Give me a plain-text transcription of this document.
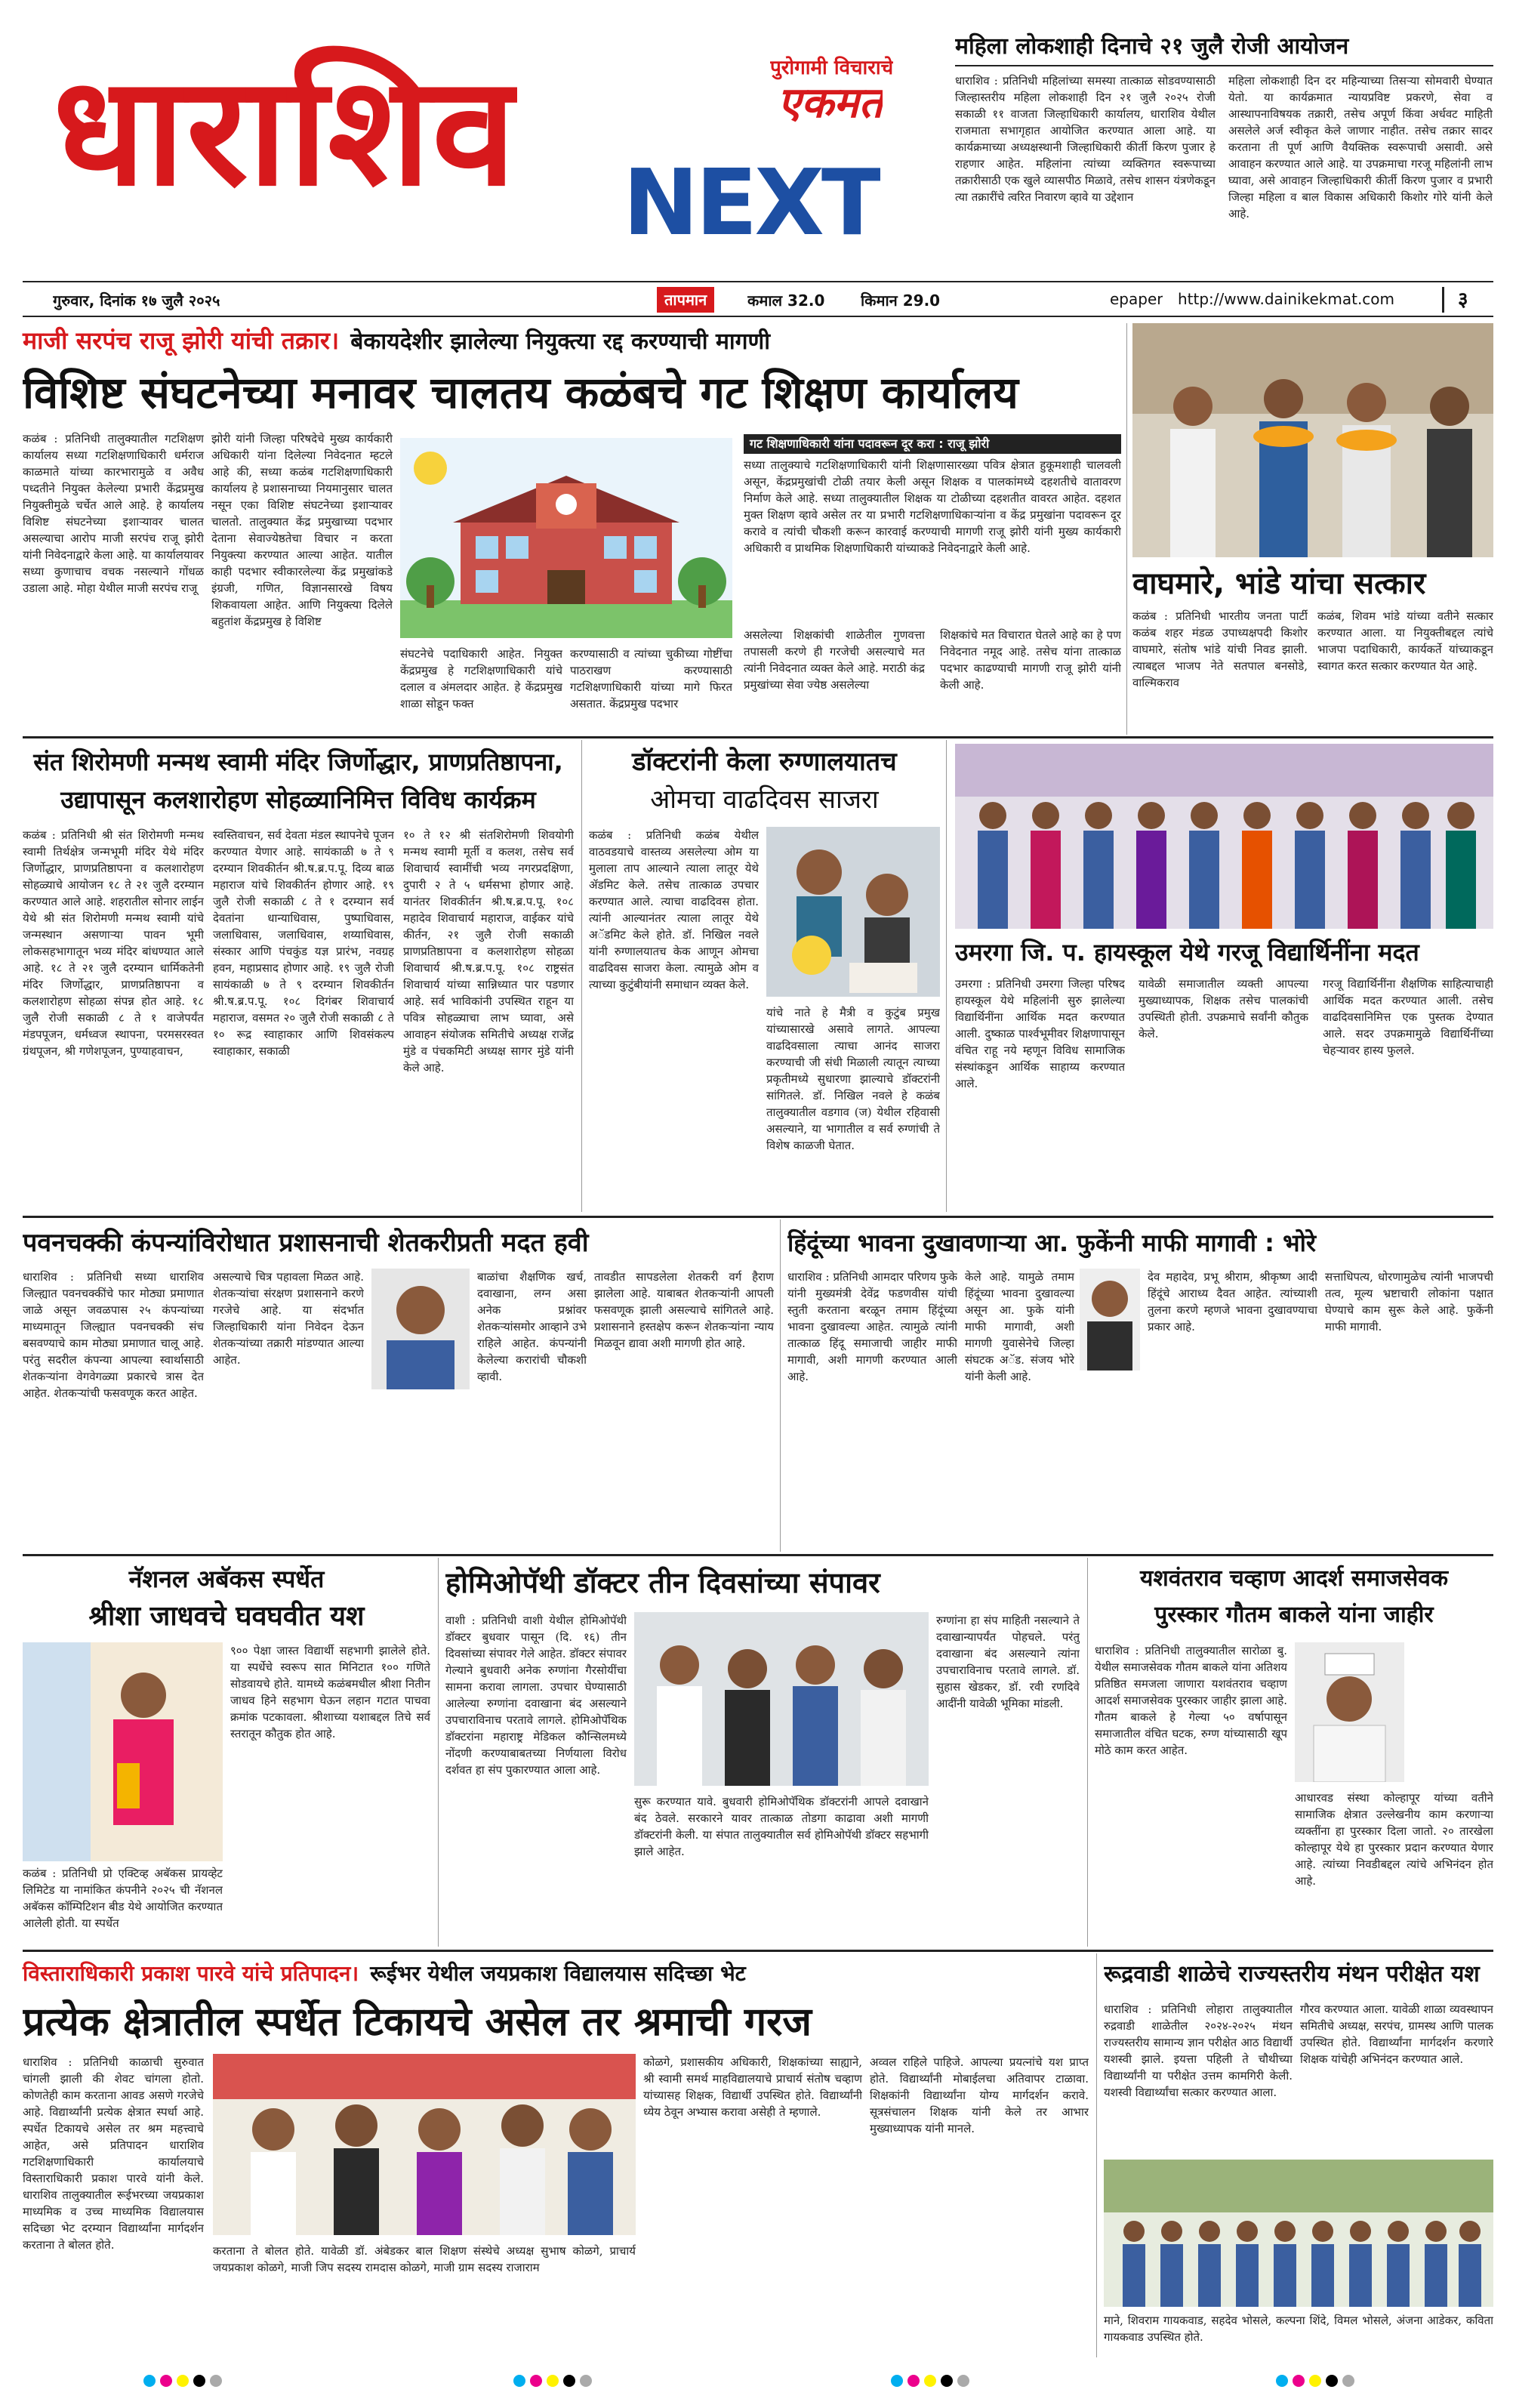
धाराशिव	पुरोगामी विचाराचे
एकमत
NEXT
गुरुवार, दिनांक १७ जुलै २०२५	तापमान	कमाल 32.0 किमान 29.0	epaper http://www.dainikekmat.com	३
महिला लोकशाही दिनाचे २१ जुलै रोजी आयोजन
धाराशिव : प्रतिनिधी महिलांच्या समस्या तात्काळ सोडवण्यासाठी जिल्हास्तरीय महिला लोकशाही दिन २१ जुलै २०२५ रोजी सकाळी ११ वाजता जिल्हाधिकारी कार्यालय, धाराशिव येथील राजमाता सभागृहात आयोजित करण्यात आला आहे. या कार्यक्रमाच्या अध्यक्षस्थानी जिल्हाधिकारी कीर्ती किरण पुजार हे राहणार आहेत. महिलांना त्यांच्या व्यक्तिगत स्वरूपाच्या तक्रारीसाठी एक खुले व्यासपीठ मिळावे, तसेच शासन यंत्रणेकडून त्या तक्रारींचे त्वरित निवारण व्हावे या उद्देशान
महिला लोकशाही दिन दर महिन्याच्या तिसऱ्या सोमवारी घेण्यात येतो. या कार्यक्रमात न्यायप्रविष्ट प्रकरणे, सेवा व आस्थापनाविषयक तक्रारी, तसेच अपूर्ण किंवा अर्धवट माहिती असलेले अर्ज स्वीकृत केले जाणार नाहीत. तसेच तक्रार सादर करताना ती पूर्ण आणि वैयक्तिक स्वरूपाची असावी. असे आवाहन करण्यात आले आहे. या उपक्रमाचा गरजू महिलांनी लाभ घ्यावा, असे आवाहन जिल्हाधिकारी कीर्ती किरण पुजार व प्रभारी जिल्हा महिला व बाल विकास अधिकारी किशोर गोरे यांनी केले आहे.
माजी सरपंच राजू झोरी यांची तक्रार। बेकायदेशीर झालेल्या नियुक्त्या रद्द करण्याची मागणी
विशिष्ट संघटनेच्या मनावर चालतय कळंबचे गट शिक्षण कार्यालय
कळंब : प्रतिनिधी तालुक्यातील गटशिक्षण कार्यालय सध्या गटशिक्षणाधिकारी धर्मराज काळमाते यांच्या कारभारामुळे व अवैध पध्दतीने नियुक्त केलेल्या प्रभारी केंद्रप्रमुख नियुक्तीमुळे चर्चेत आले आहे. हे कार्यालय विशिष्ट संघटनेच्या इशाऱ्यावर चालत असल्याचा आरोप माजी सरपंच राजू झोरी यांनी निवेदनाद्वारे केला आहे. या कार्यालयावर सध्या कुणाचाच वचक नसल्याने गोंधळ उडाला आहे. मोहा येथील माजी सरपंच राजू
झोरी यांनी जिल्हा परिषदेचे मुख्य कार्यकारी अधिकारी यांना दिलेल्या निवेदनात म्हटले आहे की, सध्या कळंब गटशिक्षणाधिकारी कार्यालय हे प्रशासनाच्या नियमानुसार चालत नसून एका विशिष्ट संघटनेच्या इशाऱ्यावर चालतो. तालुक्यात केंद्र प्रमुखाच्या पदभार देताना सेवाज्येष्ठतेचा विचार न करता नियुक्त्या करण्यात आल्या आहेत. यातील काही पदभार स्वीकारलेल्या केंद्र प्रमुखांकडे इंग्रजी, गणित, विज्ञानसारखे विषय शिकवायला आहेत. आणि नियुक्त्या दिलेले बहुतांश केंद्रप्रमुख हे विशिष्ट
संघटनेचे पदाधिकारी आहेत. नियुक्त केंद्रप्रमुख हे गटशिक्षणाधिकारी यांचे दलाल व अंमलदार आहेत. हे केंद्रप्रमुख शाळा सोडून फक्त
करण्यासाठी व त्यांच्या चुकीच्या गोष्टींचा पाठराखण करण्यासाठी गटशिक्षणाधिकारी यांच्या मागे फिरत असतात. केंद्रप्रमुख पदभार
गट शिक्षणाधिकारी यांना पदावरून दूर करा : राजू झोरी
सध्या तालुक्याचे गटशिक्षणाधिकारी यांनी शिक्षणासारख्या पवित्र क्षेत्रात हुकूमशाही चालवली असून, केंद्रप्रमुखांची टोळी तयार केली असून शिक्षक व पालकांमध्ये दहशतीचे वातावरण निर्माण केले आहे. सध्या तालुक्यातील शिक्षक या टोळीच्या दहशतीत वावरत आहेत. दहशत मुक्त शिक्षण व्हावे असेल तर या प्रभारी गटशिक्षणाधिकाऱ्यांना व केंद्र प्रमुखांना पदावरून दूर करावे व त्यांची चौकशी करून कारवाई करण्याची मागणी राजू झोरी यांनी मुख्य कार्यकारी अधिकारी व प्राथमिक शिक्षणाधिकारी यांच्याकडे निवेदनाद्वारे केली आहे.
असलेल्या शिक्षकांची शाळेतील गुणवत्ता तपासली करणे ही गरजेची असल्याचे मत त्यांनी निवेदनात व्यक्त केले आहे. मराठी कंद्र प्रमुखांच्या सेवा ज्येष्ठ असलेल्या
शिक्षकांचे मत विचारात घेतले आहे का हे पण निवेदनात नमूद आहे. तसेच यांना तात्काळ पदभार काढण्याची मागणी राजू झोरी यांनी केली आहे.
वाघमारे, भांडे यांचा सत्कार
कळंब : प्रतिनिधी भारतीय जनता पार्टी कळंब शहर मंडळ उपाध्यक्षपदी किशोर वाघमारे, संतोष भांडे यांची निवड झाली. त्याबद्दल भाजप नेते सतपाल बनसोडे, वाल्मिकराव
कळंब, शिवम भांडे यांच्या वतीने सत्कार करण्यात आला. या नियुक्तीबद्दल त्यांचे भाजपा पदाधिकारी, कार्यकर्ते यांच्याकडून स्वागत करत सत्कार करण्यात येत आहे.
संत शिरोमणी मन्मथ स्वामी मंदिर जिर्णोद्धार, प्राणप्रतिष्ठापना,
उद्यापासून कलशारोहण सोहळ्यानिमित्त विविध कार्यक्रम
कळंब : प्रतिनिधी श्री संत शिरोमणी मन्मथ स्वामी तिर्थक्षेत्र जन्मभूमी मंदिर येथे मंदिर जिर्णोद्धार, प्राणप्रतिष्ठापना व कलशारोहण सोहळ्याचे आयोजन १८ ते २१ जुलै दरम्यान करण्यात आले आहे. शहरातील सोनार लाईन येथे श्री संत शिरोमणी मन्मथ स्वामी यांचे जन्मस्थान असणाऱ्या पावन भूमी लोकसहभागातून भव्य मंदिर बांधण्यात आले आहे. १८ ते २१ जुलै दरम्यान धार्मिकतेनी मंदिर जिर्णोद्धार, प्राणप्रतिष्ठापना व कलशारोहण सोहळा संपन्न होत आहे. १८ जुलै रोजी सकाळी ८ ते १ वाजेपर्यंत मंडपपूजन, धर्मध्वज स्थापना, परमसरस्वत ग्रंथपूजन, श्री गणेशपूजन, पुण्याहवाचन,
स्वस्तिवाचन, सर्व देवता मंडल स्थापनेचे पूजन करण्यात येणार आहे. सायंकाळी ७ ते ९ दरम्यान शिवकीर्तन श्री.ष.ब्र.प.पू. दिव्य बाळ महाराज यांचे शिवकीर्तन होणार आहे. १९ जुलै रोजी सकाळी ८ ते १ दरम्यान सर्व देवतांना धान्याधिवास, पुष्पाधिवास, जलाधिवास, जलाधिवास, शय्याधिवास, संस्कार आणि पंचकुंड यज्ञ प्रारंभ, नवग्रह हवन, महाप्रसाद होणार आहे. १९ जुलै रोजी सायंकाळी ७ ते ९ दरम्यान शिवकीर्तन श्री.ष.ब्र.प.पू. १०८ दिगंबर शिवाचार्य महाराज, वसमत २० जुलै रोजी सकाळी ८ ते १० रूद्र स्वाहाकार आणि शिवसंकल्प स्वाहाकार, सकाळी
१० ते १२ श्री संतशिरोमणी शिवयोगी मन्मथ स्वामी मूर्ती व कलश, तसेच सर्व शिवाचार्य स्वामींची भव्य नगरप्रदक्षिणा, दुपारी २ ते ५ धर्मसभा होणार आहे. यानंतर शिवकीर्तन श्री.ष.ब्र.प.पू. १०८ महादेव शिवाचार्य महाराज, वाईकर यांचे कीर्तन, २१ जुलै रोजी सकाळी प्राणप्रतिष्ठापना व कलशारोहण सोहळा शिवाचार्य श्री.ष.ब्र.प.पू. १०८ राष्ट्रसंत शिवाचार्य यांच्या सान्निध्यात पार पडणार आहे. सर्व भाविकांनी उपस्थित राहून या पवित्र सोहळ्याचा लाभ घ्यावा, असे आवाहन संयोजक समितीचे अध्यक्ष राजेंद्र मुंडे व पंचकमिटी अध्यक्ष सागर मुंडे यांनी केले आहे.
डॉक्टरांनी केला रुग्णालयातच
ओमचा वाढदिवस साजरा
कळंब : प्रतिनिधी कळंब येथील वाठवडयाचे वास्तव्य असलेल्या ओम या मुलाला ताप आल्याने त्याला लातूर येथे ॲडमिट केले. तसेच तात्काळ उपचार करण्यात आले. त्याचा वाढदिवस होता. त्यांनी आल्यानंतर त्याला लातूर येथे अॅडमिट केले होते. डॉ. निखिल नवले यांनी रुग्णालयातच केक आणून ओमचा वाढदिवस साजरा केला. त्यामुळे ओम व त्याच्या कुटुंबीयांनी समाधान व्यक्त केले.
यांचे नाते हे मैत्री व कुटुंब प्रमुख यांच्यासारखे असावे लागते. आपल्या वाढदिवसाला त्याचा आनंद साजरा करण्याची जी संधी मिळाली त्यातून त्याच्या प्रकृतीमध्ये सुधारणा झाल्याचे डॉक्टरांनी सांगितले. डॉ. निखिल नवले हे कळंब तालुक्यातील वडगाव (ज) येथील रहिवासी असल्याने, या भागातील व सर्व रुग्णांची ते विशेष काळजी घेतात.
उमरगा जि. प. हायस्कूल येथे गरजू विद्यार्थिनींना मदत
उमरगा : प्रतिनिधी उमरगा जिल्हा परिषद हायस्कूल येथे महिलांनी सुरु झालेल्या विद्यार्थिनींना आर्थिक मदत करण्यात आली. दुष्काळ पार्श्वभूमीवर शिक्षणापासून वंचित राहू नये म्हणून विविध सामाजिक संस्थांकडून आर्थिक साहाय्य करण्यात आले.
यावेळी समाजातील व्यक्ती आपल्या मुख्याध्यापक, शिक्षक तसेच पालकांची उपस्थिती होती. उपक्रमाचे सर्वांनी कौतुक केले.
गरजू विद्यार्थिनींना शैक्षणिक साहित्याचाही आर्थिक मदत करण्यात आली. तसेच वाढदिवसानिमित्त एक पुस्तक देण्यात आले. सदर उपक्रमामुळे विद्यार्थिनींच्या चेहऱ्यावर हास्य फुलले.
पवनचक्की कंपन्यांविरोधात प्रशासनाची शेतकरीप्रती मदत हवी
धाराशिव : प्रतिनिधी सध्या धाराशिव जिल्ह्यात पवनचक्कींचे फार मोठ्या प्रमाणात जाळे असून जवळपास २५ कंपन्यांच्या माध्यमातून जिल्ह्यात पवनचक्की संच बसवण्याचे काम मोठ्या प्रमाणात चालू आहे. परंतु सदरील कंपन्या आपल्या स्वार्थासाठी शेतकऱ्यांना वेगवेगळ्या प्रकारचे त्रास देत आहेत. शेतकऱ्यांची फसवणूक करत आहेत.
असल्याचे चित्र पहावला मिळत आहे. शेतकऱ्यांचा संरक्षण प्रशासनाने करणे गरजेचे आहे. या संदर्भात जिल्हाधिकारी यांना निवेदन देऊन शेतकऱ्यांच्या तक्रारी मांडण्यात आल्या आहेत.
बाळांचा शैक्षणिक खर्च, दवाखाना, लग्न असा अनेक प्रश्नांवर शेतकऱ्यांसमोर आव्हाने उभे राहिले आहेत. कंपन्यांनी केलेल्या करारांची चौकशी व्हावी.
तावडीत सापडलेला शेतकरी वर्ग हैराण झालेला आहे. याबाबत शेतकऱ्यांनी आपली फसवणूक झाली असल्याचे सांगितले आहे. प्रशासनाने हस्तक्षेप करून शेतकऱ्यांना न्याय मिळवून द्यावा अशी मागणी होत आहे.
हिंदूंच्या भावना दुखावणाऱ्या आ. फुकेंनी माफी मागावी : भोरे
धाराशिव : प्रतिनिधी आमदार परिणय फुके यांनी मुख्यमंत्री देवेंद्र फडणवीस यांची स्तुती करताना बरळून तमाम हिंदूंच्या भावना दुखावल्या आहेत. त्यामुळे त्यांनी तात्काळ हिंदू समाजाची जाहीर माफी मागावी, अशी मागणी करण्यात आली आहे.
केले आहे. यामुळे तमाम हिंदूंच्या भावना दुखावल्या असून आ. फुके यांनी माफी मागावी, अशी मागणी युवासेनेचे जिल्हा संघटक अॅड. संजय भोरे यांनी केली आहे.
देव महादेव, प्रभू श्रीराम, श्रीकृष्ण आदी हिंदूंचे आराध्य दैवत आहेत. त्यांच्याशी तुलना करणे म्हणजे भावना दुखावण्याचा प्रकार आहे.
सत्ताधिपत्य, धोरणामुळेच त्यांनी भाजपची तत्व, मूल्य भ्रष्टाचारी लोकांना पक्षात घेण्याचे काम सुरू केले आहे. फुकेंनी माफी मागावी.
नॅशनल अबॅकस स्पर्धेत
श्रीशा जाधवचे घवघवीत यश
कळंब : प्रतिनिधी प्रो एक्टिव्ह अबॅकस प्रायव्हेट लिमिटेड या नामांकित कंपनीने २०२५ ची नॅशनल अबॅकस कॉम्पिटिशन बीड येथे आयोजित करण्यात आलेली होती. या स्पर्धेत
९०० पेक्षा जास्त विद्यार्थी सहभागी झालेले होते. या स्पर्धेचे स्वरूप सात मिनिटात १०० गणिते सोडवायचे होते. यामध्ये कळंबमधील श्रीशा नितीन जाधव हिने सहभाग घेऊन लहान गटात पाचवा क्रमांक पटकावला. श्रीशाच्या यशाबद्दल तिचे सर्व स्तरातून कौतुक होत आहे.
होमिओपॅथी डॉक्टर तीन दिवसांच्या संपावर
वाशी : प्रतिनिधी वाशी येथील होमिओपॅथी डॉक्टर बुधवार पासून (दि. १६) तीन दिवसांच्या संपावर गेले आहेत. डॉक्टर संपावर गेल्याने बुधवारी अनेक रुग्णांना गैरसोयींचा सामना करावा लागला. उपचार घेण्यासाठी आलेल्या रुग्णांना दवाखाना बंद असल्याने उपचाराविनाच परतावे लागले. होमिओपॅथिक डॉक्टरांना महाराष्ट्र मेडिकल कौन्सिलमध्ये नोंदणी करण्याबाबतच्या निर्णयाला विरोध दर्शवत हा संप पुकारण्यात आला आहे.
सुरू करण्यात यावे. बुधवारी होमिओपॅथिक डॉक्टरांनी आपले दवाखाने बंद ठेवले. सरकारने यावर तात्काळ तोडगा काढावा अशी मागणी डॉक्टरांनी केली. या संपात तालुक्यातील सर्व होमिओपॅथी डॉक्टर सहभागी झाले आहेत.
रुग्णांना हा संप माहिती नसल्याने ते दवाखान्यापर्यंत पोहचले. परंतु दवाखाना बंद असल्याने त्यांना उपचाराविनाच परतावे लागले. डॉ. सुहास खेडकर, डॉ. रवी रणदिवे आदींनी यावेळी भूमिका मांडली.
यशवंतराव चव्हाण आदर्श समाजसेवक
पुरस्कार गौतम बाकले यांना जाहीर
धाराशिव : प्रतिनिधी तालुक्यातील सारोळा बु. येथील समाजसेवक गौतम बाकले यांना अतिशय प्रतिष्ठित समजला जाणारा यशवंतराव चव्हाण आदर्श समाजसेवक पुरस्कार जाहीर झाला आहे. गौतम बाकले हे गेल्या ५० वर्षापासून समाजातील वंचित घटक, रुग्ण यांच्यासाठी खूप मोठे काम करत आहेत.
आधारवड संस्था कोल्हापूर यांच्या वतीने सामाजिक क्षेत्रात उल्लेखनीय काम करणाऱ्या व्यक्तींना हा पुरस्कार दिला जातो. २० तारखेला कोल्हापूर येथे हा पुरस्कार प्रदान करण्यात येणार आहे. त्यांच्या निवडीबद्दल त्यांचे अभिनंदन होत आहे.
विस्ताराधिकारी प्रकाश पारवे यांचे प्रतिपादन। रूईभर येथील जयप्रकाश विद्यालयास सदिच्छा भेट
प्रत्येक क्षेत्रातील स्पर्धेत टिकायचे असेल तर श्रमाची गरज
धाराशिव : प्रतिनिधी काळाची सुरुवात चांगली झाली की शेवट चांगला होतो. कोणतेही काम करताना आवड असणे गरजेचे आहे. विद्यार्थ्यांनी प्रत्येक क्षेत्रात स्पर्धा आहे. स्पर्धेत टिकायचे असेल तर श्रम महत्त्वाचे आहेत, असे प्रतिपादन धाराशिव गटशिक्षणाधिकारी कार्यालयाचे विस्ताराधिकारी प्रकाश पारवे यांनी केले. धाराशिव तालुक्यातील रूईभरच्या जयप्रकाश माध्यमिक व उच्च माध्यमिक विद्यालयास सदिच्छा भेट दरम्यान विद्यार्थ्यांना मार्गदर्शन करताना ते बोलत होते.	करताना ते बोलत होते. यावेळी डॉ. अंबेडकर बाल शिक्षण संस्थेचे अध्यक्ष सुभाष कोळगे, प्राचार्य जयप्रकाश कोळगे, माजी जिप सदस्य रामदास कोळगे, माजी ग्राम सदस्य राजाराम
कोळगे, प्रशासकीय अधिकारी, शिक्षकांच्या साह्याने, श्री स्वामी समर्थ माहविद्यालयाचे प्राचार्य संतोष चव्हाण यांच्यासह शिक्षक, विद्यार्थी उपस्थित होते. विद्यार्थ्यांनी ध्येय ठेवून अभ्यास करावा असेही ते म्हणाले.
अव्वल राहिले पाहिजे. आपल्या प्रयत्नांचे यश प्राप्त होते. विद्यार्थ्यांनी मोबाईलचा अतिवापर टाळावा. शिक्षकांनी विद्यार्थ्यांना योग्य मार्गदर्शन करावे. सूत्रसंचालन शिक्षक यांनी केले तर आभार मुख्याध्यापक यांनी मानले.
रूद्रवाडी शाळेचे राज्यस्तरीय मंथन परीक्षेत यश
धाराशिव : प्रतिनिधी लोहारा तालुक्यातील रुद्रवाडी शाळेतील २०२४-२०२५ मंथन राज्यस्तरीय सामान्य ज्ञान परीक्षेत आठ विद्यार्थी यशस्वी झाले. इयत्ता पहिली ते चौथीच्या विद्यार्थ्यांनी या परीक्षेत उत्तम कामगिरी केली. यशस्वी विद्यार्थ्यांचा सत्कार करण्यात आला.
गौरव करण्यात आला. यावेळी शाळा व्यवस्थापन समितीचे अध्यक्ष, सरपंच, ग्रामस्थ आणि पालक उपस्थित होते. विद्यार्थ्यांना मार्गदर्शन करणारे शिक्षक यांचेही अभिनंदन करण्यात आले.
माने, शिवराम गायकवाड, सहदेव भोसले, कल्पना शिंदे, विमल भोसले, अंजना आडेकर, कविता गायकवाड उपस्थित होते.
